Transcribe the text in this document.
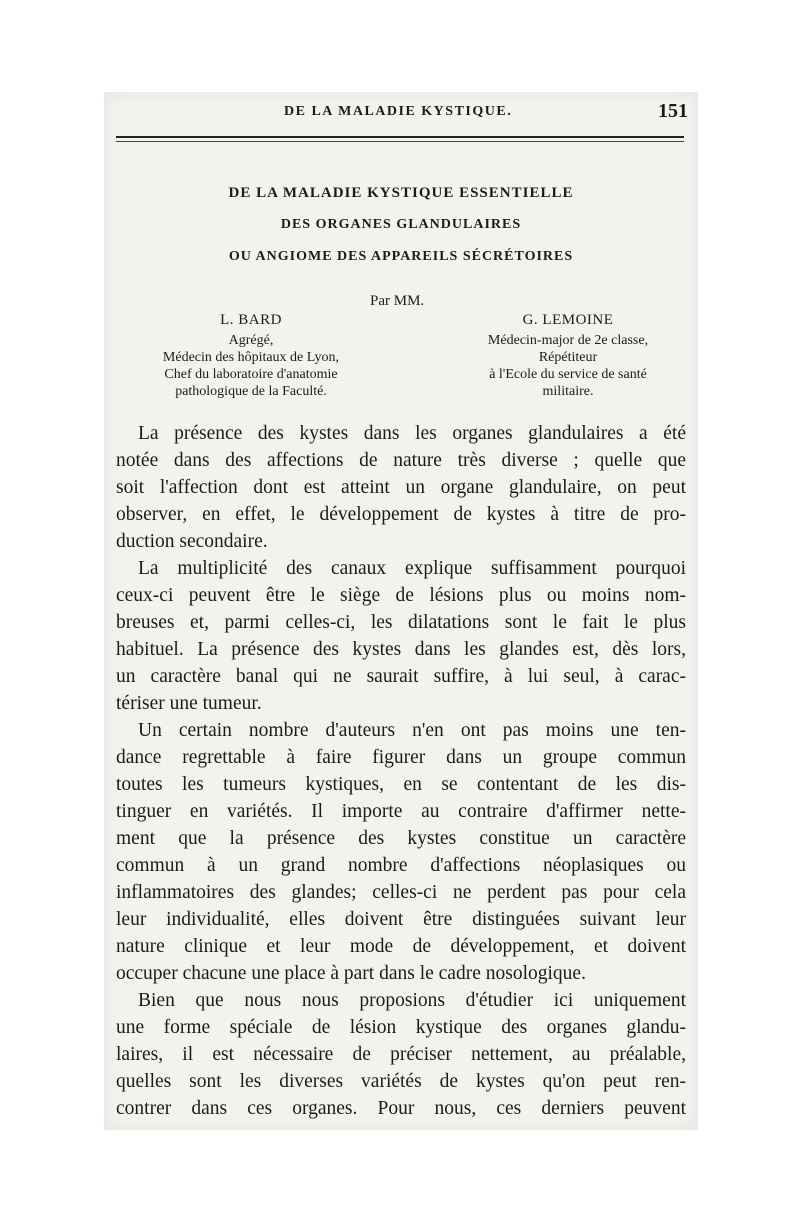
DE LA MALADIE KYSTIQUE.	151
DE LA MALADIE KYSTIQUE ESSENTIELLE
DES ORGANES GLANDULAIRES
OU ANGIOME DES APPAREILS SÉCRÉTOIRES
Par MM.
L. BARD
Agrégé,
Médecin des hôpitaux de Lyon,
Chef du laboratoire d'anatomie
pathologique de la Faculté.
G. LEMOINE
Médecin-major de 2e classe,
Répétiteur
à l'Ecole du service de santé
militaire.
La présence des kystes dans les organes glandulaires a été
notée dans des affections de nature très diverse ; quelle que
soit l'affection dont est atteint un organe glandulaire, on peut
observer, en effet, le développement de kystes à titre de pro-
duction secondaire.
La multiplicité des canaux explique suffisamment pourquoi
ceux-ci peuvent être le siège de lésions plus ou moins nom-
breuses et, parmi celles-ci, les dilatations sont le fait le plus
habituel. La présence des kystes dans les glandes est, dès lors,
un caractère banal qui ne saurait suffire, à lui seul, à carac-
tériser une tumeur.
Un certain nombre d'auteurs n'en ont pas moins une ten-
dance regrettable à faire figurer dans un groupe commun
toutes les tumeurs kystiques, en se contentant de les dis-
tinguer en variétés. Il importe au contraire d'affirmer nette-
ment que la présence des kystes constitue un caractère
commun à un grand nombre d'affections néoplasiques ou
inflammatoires des glandes; celles-ci ne perdent pas pour cela
leur individualité, elles doivent être distinguées suivant leur
nature clinique et leur mode de développement, et doivent
occuper chacune une place à part dans le cadre nosologique.
Bien que nous nous proposions d'étudier ici uniquement
une forme spéciale de lésion kystique des organes glandu-
laires, il est nécessaire de préciser nettement, au préalable,
quelles sont les diverses variétés de kystes qu'on peut ren-
contrer dans ces organes. Pour nous, ces derniers peuvent
